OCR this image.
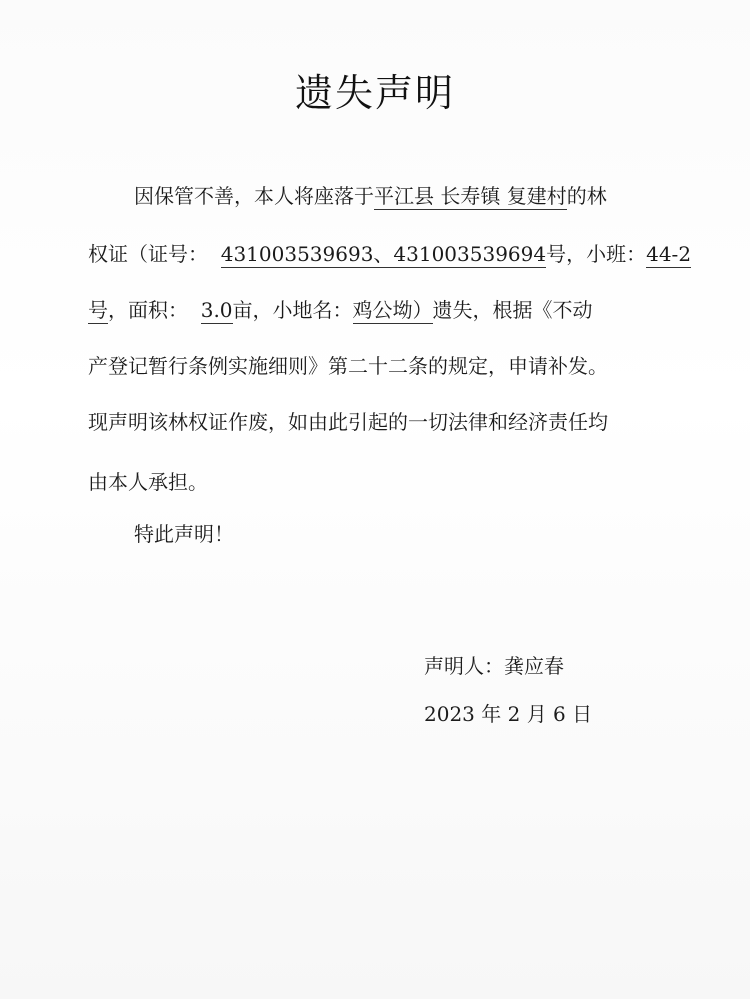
遗失声明
因保管不善，本人将座落于平江县 长寿镇 复建村的林
权证（证号： 431003539693、431003539694号，小班：44-2
号，面积： 3.0亩，小地名：鸡公坳）遗失，根据《不动
产登记暂行条例实施细则》第二十二条的规定，申请补发。
现声明该林权证作废，如由此引起的一切法律和经济责任均
由本人承担。
特此声明！
声明人：龚应春
2023 年 2 月 6 日
